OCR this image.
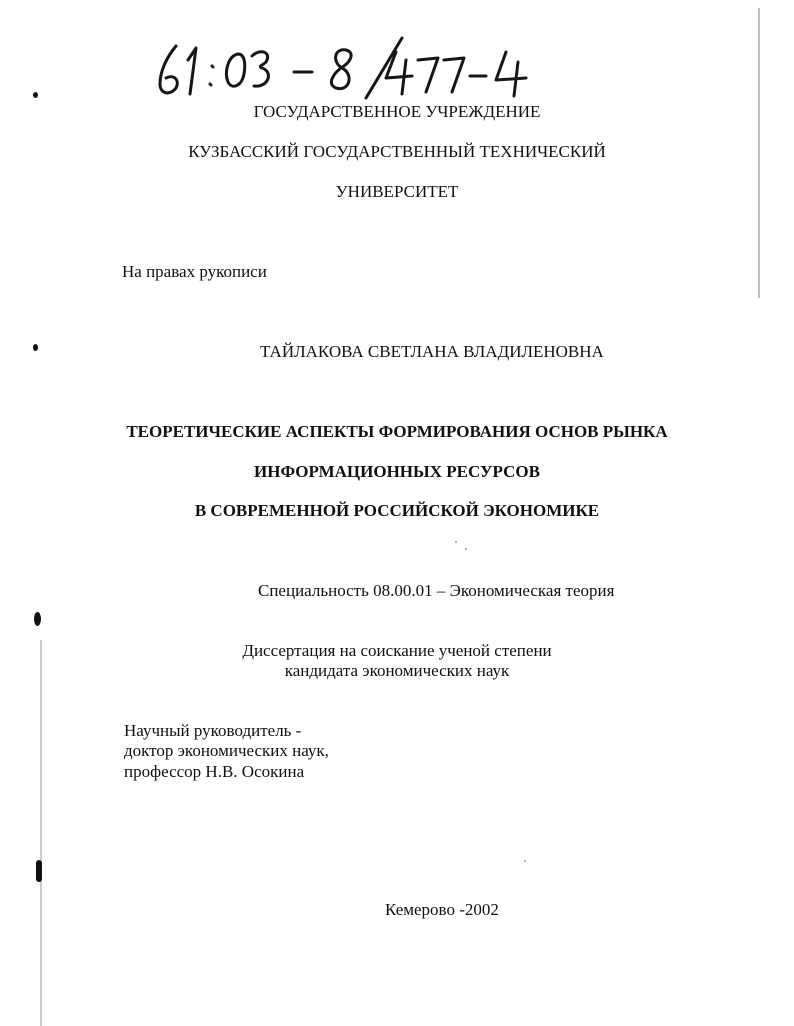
ГОСУДАРСТВЕННОЕ УЧРЕЖДЕНИЕ
КУЗБАССКИЙ ГОСУДАРСТВЕННЫЙ ТЕХНИЧЕСКИЙ
УНИВЕРСИТЕТ
На правах рукописи
ТАЙЛАКОВА СВЕТЛАНА ВЛАДИЛЕНОВНА
ТЕОРЕТИЧЕСКИЕ АСПЕКТЫ ФОРМИРОВАНИЯ ОСНОВ РЫНКА
ИНФОРМАЦИОННЫХ РЕСУРСОВ
В СОВРЕМЕННОЙ РОССИЙСКОЙ ЭКОНОМИКЕ
Специальность 08.00.01 – Экономическая теория
Диссертация на соискание ученой степени
кандидата экономических наук
Научный руководитель -
доктор экономических наук,
профессор Н.В. Осокина
Кемерово -2002
